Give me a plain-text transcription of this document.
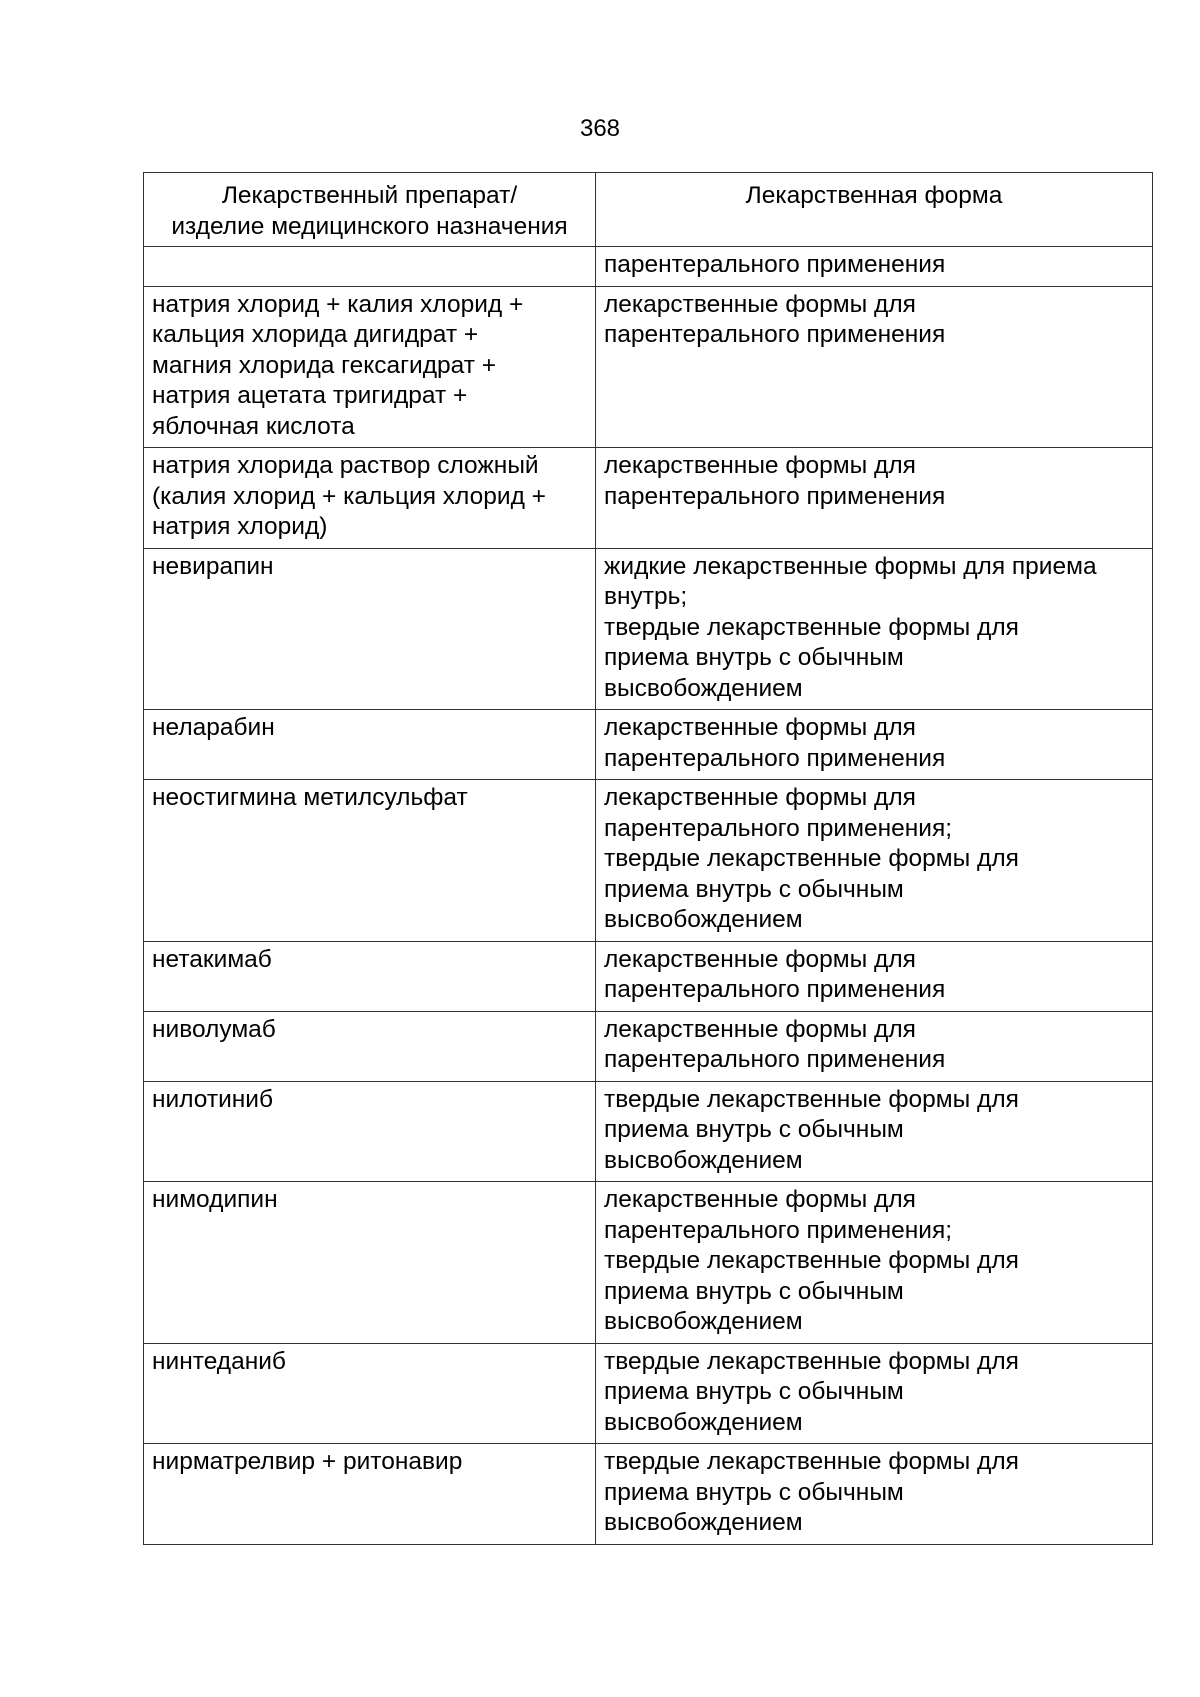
368
Лекарственный препарат/
изделие медицинского назначения	Лекарственная форма

	парентерального применения

натрия хлорид + калия хлорид +
кальция хлорида дигидрат +
магния хлорида гексагидрат +
натрия ацетата тригидрат +
яблочная кислота	лекарственные формы для
парентерального применения

натрия хлорида раствор сложный
(калия хлорид + кальция хлорид +
натрия хлорид)	лекарственные формы для
парентерального применения

невирапин	жидкие лекарственные формы для приема
внутрь;
твердые лекарственные формы для
приема внутрь с обычным
высвобождением

неларабин	лекарственные формы для
парентерального применения

неостигмина метилсульфат	лекарственные формы для
парентерального применения;
твердые лекарственные формы для
приема внутрь с обычным
высвобождением

нетакимаб	лекарственные формы для
парентерального применения

ниволумаб	лекарственные формы для
парентерального применения

нилотиниб	твердые лекарственные формы для
приема внутрь с обычным
высвобождением

нимодипин	лекарственные формы для
парентерального применения;
твердые лекарственные формы для
приема внутрь с обычным
высвобождением

нинтеданиб	твердые лекарственные формы для
приема внутрь с обычным
высвобождением

нирматрелвир + ритонавир	твердые лекарственные формы для
приема внутрь с обычным
высвобождением
